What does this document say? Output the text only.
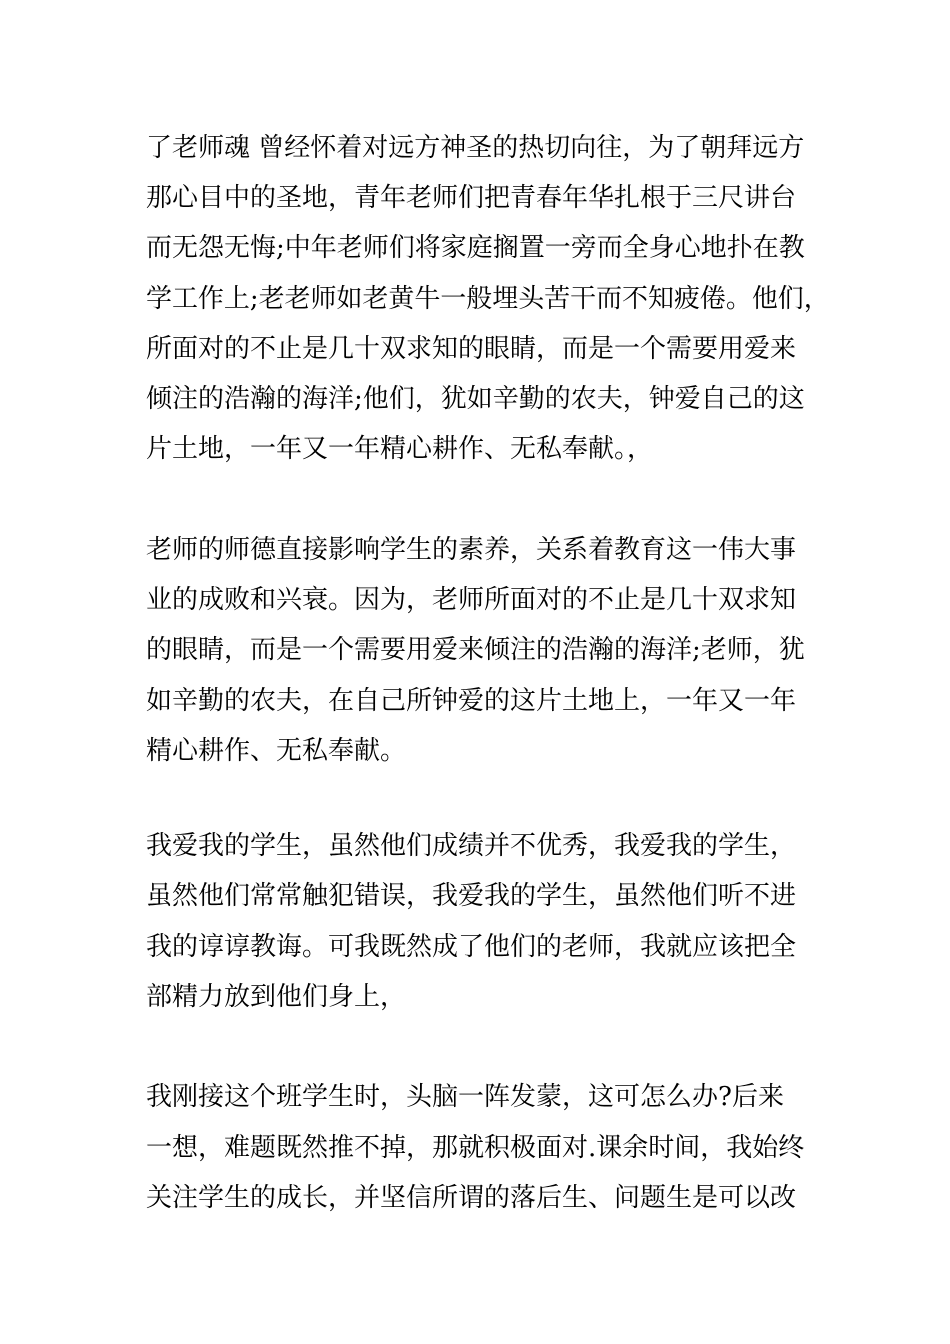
了老师魂 曾经怀着对远方神圣的热切向往，为了朝拜远方
那心目中的圣地，青年老师们把青春年华扎根于三尺讲台
而无怨无悔;中年老师们将家庭搁置一旁而全身心地扑在教
学工作上;老老师如老黄牛一般埋头苦干而不知疲倦。他们，
所面对的不止是几十双求知的眼睛，而是一个需要用爱来
倾注的浩瀚的海洋;他们，犹如辛勤的农夫，钟爱自己的这
片土地，一年又一年精心耕作、无私奉献。，
老师的师德直接影响学生的素养，关系着教育这一伟大事
业的成败和兴衰。因为，老师所面对的不止是几十双求知
的眼睛，而是一个需要用爱来倾注的浩瀚的海洋;老师，犹
如辛勤的农夫，在自己所钟爱的这片土地上，一年又一年
精心耕作、无私奉献。
我爱我的学生，虽然他们成绩并不优秀，我爱我的学生，
虽然他们常常触犯错误，我爱我的学生，虽然他们听不进
我的谆谆教诲。可我既然成了他们的老师，我就应该把全
部精力放到他们身上，
我刚接这个班学生时，头脑一阵发蒙，这可怎么办?后来
一想，难题既然推不掉，那就积极面对.课余时间，我始终
关注学生的成长，并坚信所谓的落后生、问题生是可以改
